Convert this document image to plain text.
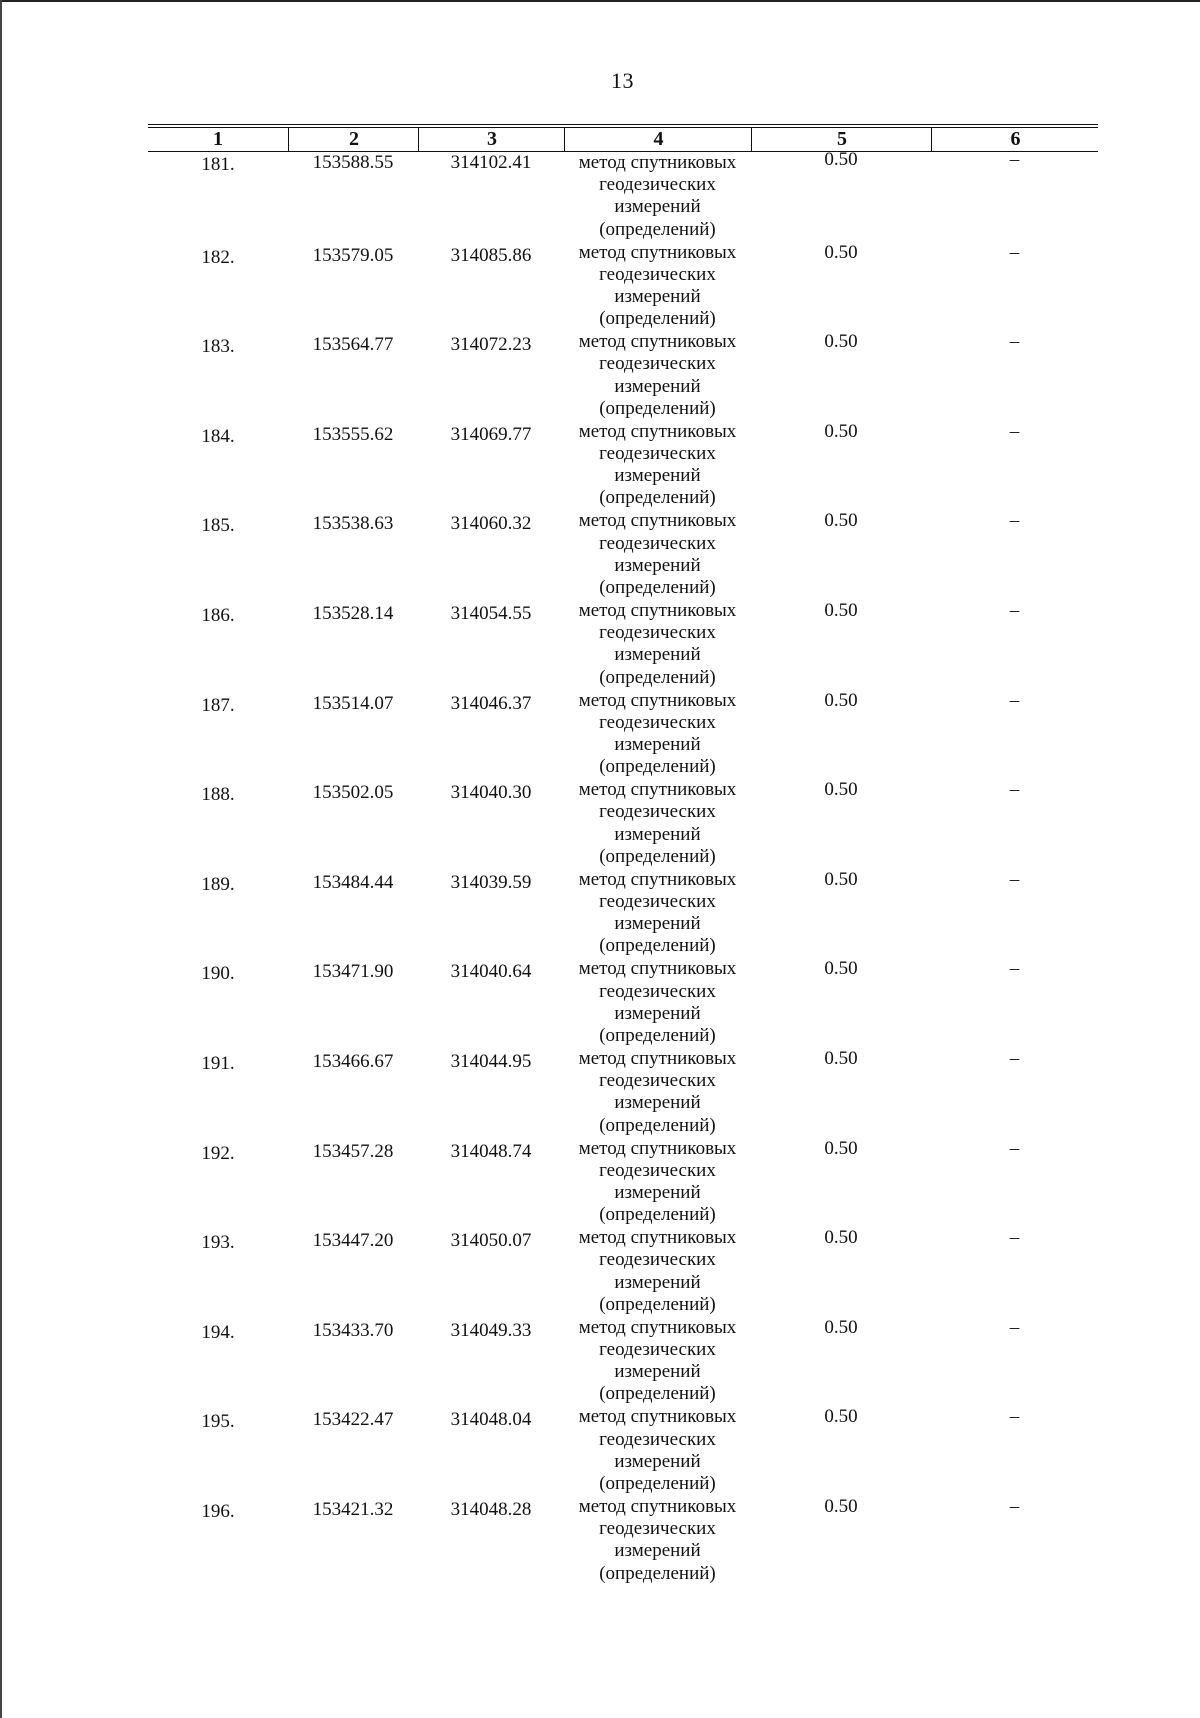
13
1	2	3	4	5	6
181.	153588.55	314102.41	метод спутниковых
геодезических
измерений
(определений)
0.50	–
182.	153579.05	314085.86	метод спутниковых
геодезических
измерений
(определений)
0.50	–
183.	153564.77	314072.23	метод спутниковых
геодезических
измерений
(определений)
0.50	–
184.	153555.62	314069.77	метод спутниковых
геодезических
измерений
(определений)
0.50	–
185.	153538.63	314060.32	метод спутниковых
геодезических
измерений
(определений)
0.50	–
186.	153528.14	314054.55	метод спутниковых
геодезических
измерений
(определений)
0.50	–
187.	153514.07	314046.37	метод спутниковых
геодезических
измерений
(определений)
0.50	–
188.	153502.05	314040.30	метод спутниковых
геодезических
измерений
(определений)
0.50	–
189.	153484.44	314039.59	метод спутниковых
геодезических
измерений
(определений)
0.50	–
190.	153471.90	314040.64	метод спутниковых
геодезических
измерений
(определений)
0.50	–
191.	153466.67	314044.95	метод спутниковых
геодезических
измерений
(определений)
0.50	–
192.	153457.28	314048.74	метод спутниковых
геодезических
измерений
(определений)
0.50	–
193.	153447.20	314050.07	метод спутниковых
геодезических
измерений
(определений)
0.50	–
194.	153433.70	314049.33	метод спутниковых
геодезических
измерений
(определений)
0.50	–
195.	153422.47	314048.04	метод спутниковых
геодезических
измерений
(определений)
0.50	–
196.	153421.32	314048.28	метод спутниковых
геодезических
измерений
(определений)
0.50	–
